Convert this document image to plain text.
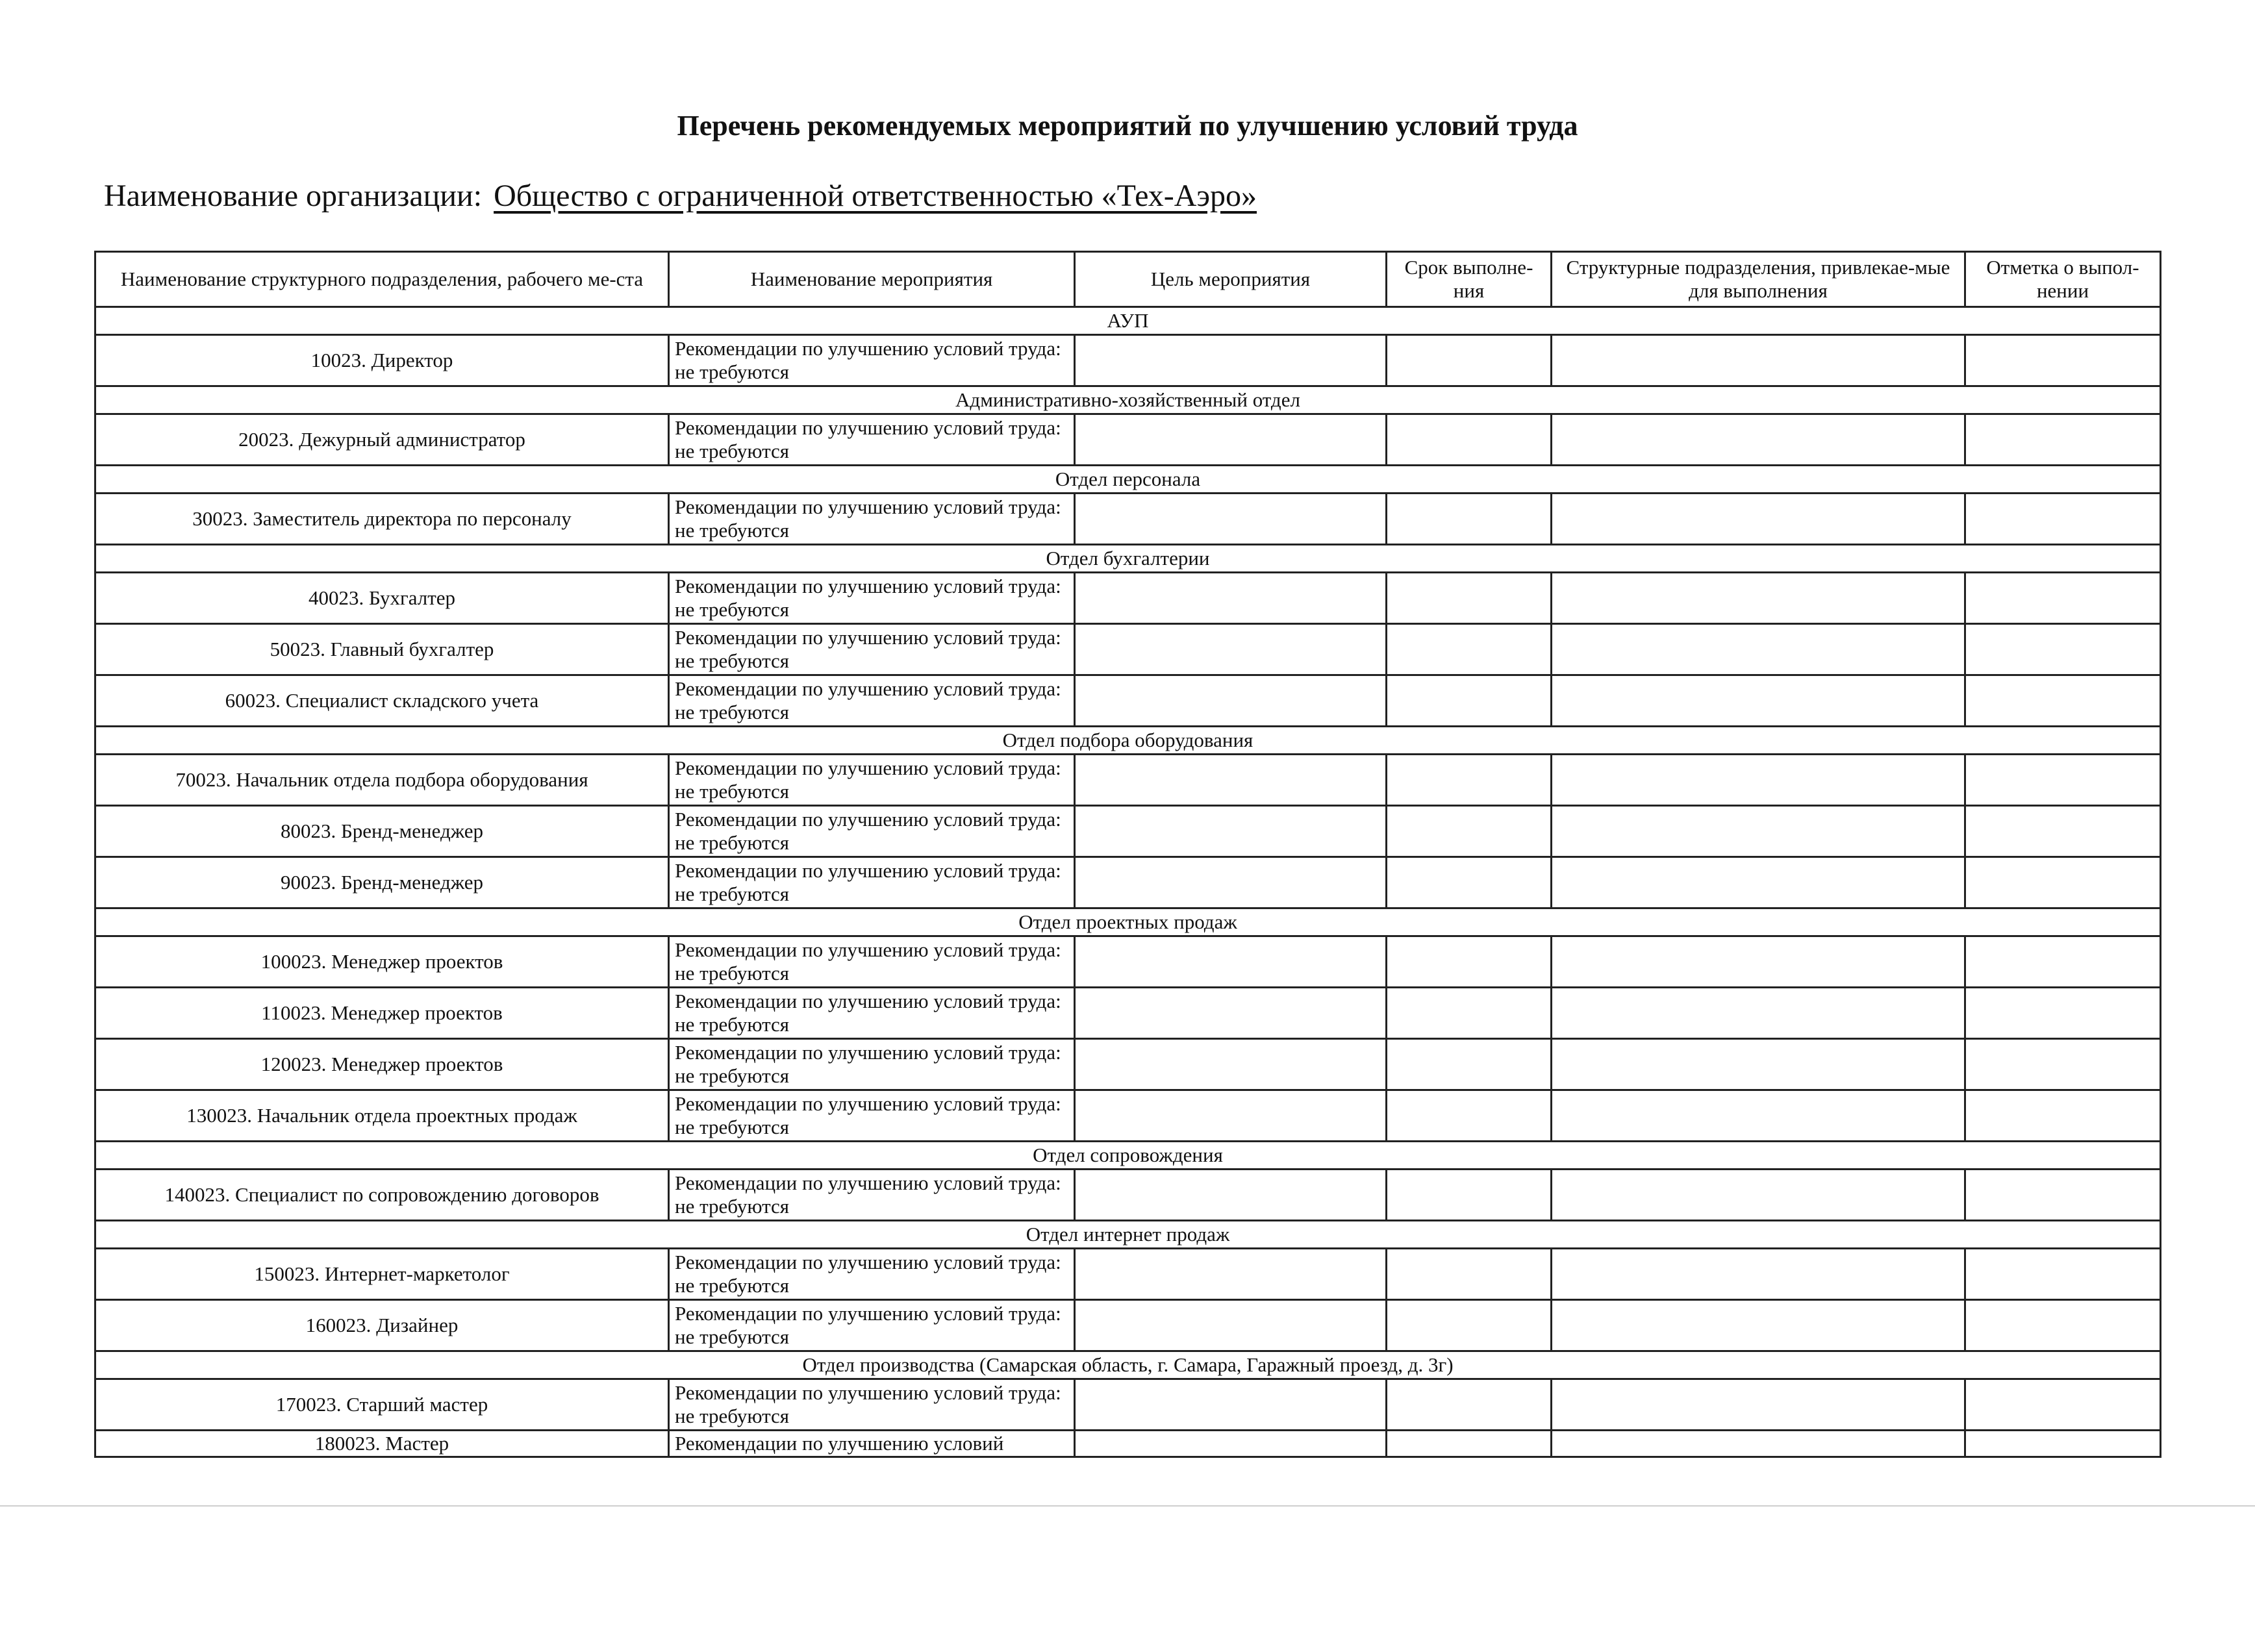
Перечень рекомендуемых мероприятий по улучшению условий труда
Наименование организации: Общество с ограниченной ответственностью «Тех-Аэро»
Наименование структурного подразделения, рабочего ме-ста	Наименование мероприятия	Цель мероприятия	Срок выполне-ния	Структурные подразделения, привлекае-мые для выполнения	Отметка о выпол-нении
АУП					
10023. Директор	Рекомендации по улучшению условий труда: не требуются				
Административно-хозяйственный отдел					
20023. Дежурный администратор	Рекомендации по улучшению условий труда: не требуются				
Отдел персонала					
30023. Заместитель директора по персоналу	Рекомендации по улучшению условий труда: не требуются				
Отдел бухгалтерии					
40023. Бухгалтер	Рекомендации по улучшению условий труда: не требуются				
50023. Главный бухгалтер	Рекомендации по улучшению условий труда: не требуются				
60023. Специалист складского учета	Рекомендации по улучшению условий труда: не требуются				
Отдел подбора оборудования					
70023. Начальник отдела подбора оборудования	Рекомендации по улучшению условий труда: не требуются				
80023. Бренд-менеджер	Рекомендации по улучшению условий труда: не требуются				
90023. Бренд-менеджер	Рекомендации по улучшению условий труда: не требуются				
Отдел проектных продаж					
100023. Менеджер проектов	Рекомендации по улучшению условий труда: не требуются				
110023. Менеджер проектов	Рекомендации по улучшению условий труда: не требуются				
120023. Менеджер проектов	Рекомендации по улучшению условий труда: не требуются				
130023. Начальник отдела проектных продаж	Рекомендации по улучшению условий труда: не требуются				
Отдел сопровождения					
140023. Специалист по сопровождению договоров	Рекомендации по улучшению условий труда: не требуются				
Отдел интернет продаж					
150023. Интернет-маркетолог	Рекомендации по улучшению условий труда: не требуются				
160023. Дизайнер	Рекомендации по улучшению условий труда: не требуются				
Отдел производства (Самарская область, г. Самара, Гаражный проезд, д. 3г)					
170023. Старший мастер	Рекомендации по улучшению условий труда: не требуются				
180023. Мастер	Рекомендации по улучшению условий				
